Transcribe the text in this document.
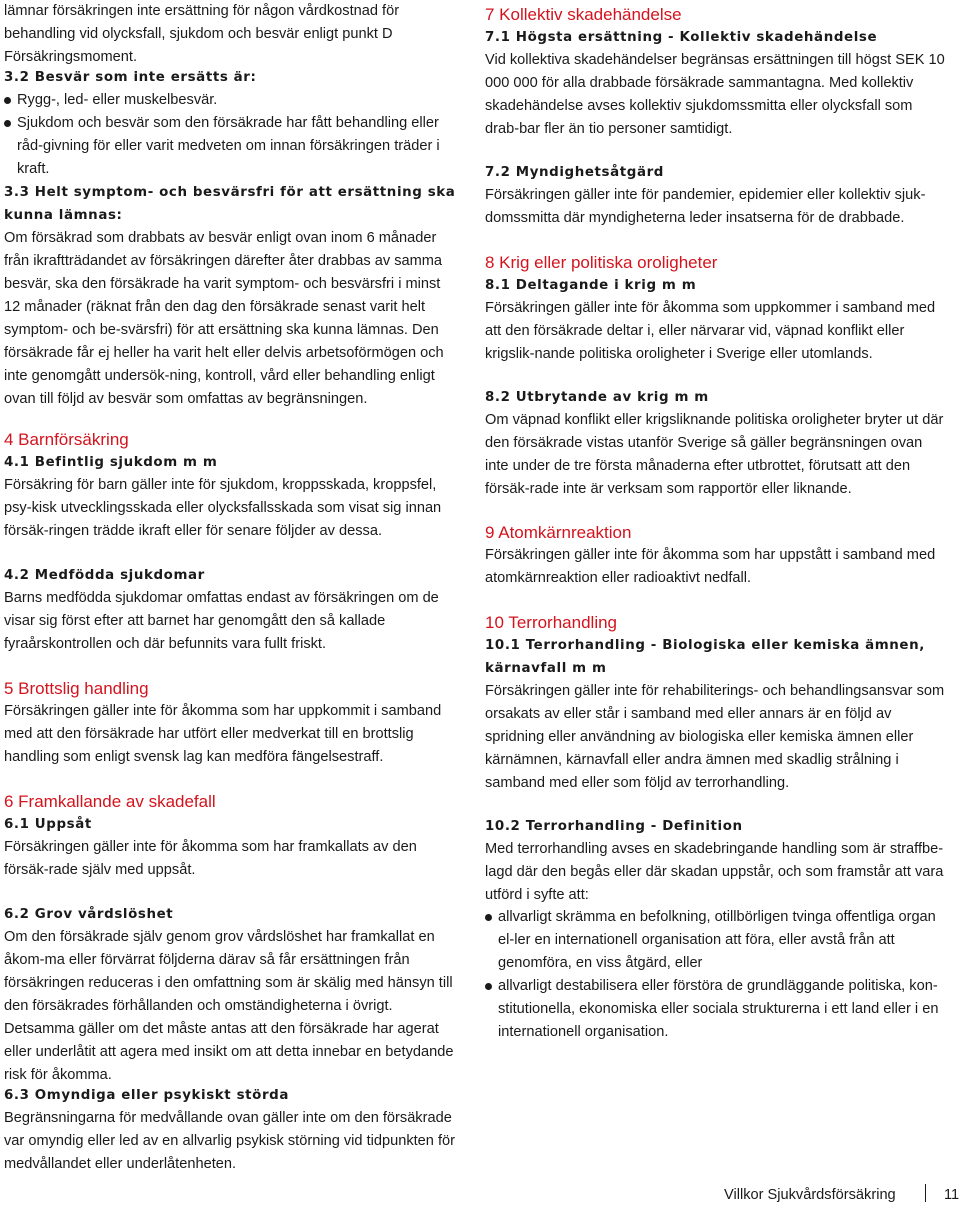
lämnar försäkringen inte ersättning för någon vårdkostnad för behandling vid olycksfall, sjukdom och besvär enligt punkt D Försäkringsmoment.

3.2 Besvär som inte ersätts är:
Rygg-, led- eller muskelbesvär.
Sjukdom och besvär som den försäkrade har fått behandling eller råd-givning för eller varit medveten om innan försäkringen träder i kraft.
3.3 Helt symptom- och besvärsfri för att ersättning ska kunna lämnas:

Om försäkrad som drabbats av besvär enligt ovan inom 6 månader från ikraftträdandet av försäkringen därefter åter drabbas av samma besvär, ska den försäkrade ha varit symptom- och besvärsfri i minst 12 månader (räknat från den dag den försäkrade senast varit helt symptom- och be-svärsfri) för att ersättning ska kunna lämnas. Den försäkrade får ej heller ha varit helt eller delvis arbetsoförmögen och inte genomgått undersök-ning, kontroll, vård eller behandling enligt ovan till följd av besvär som omfattas av begränsningen.

4 Barnförsäkring
4.1 Befintlig sjukdom m m

Försäkring för barn gäller inte för sjukdom, kroppsskada, kroppsfel, psy-kisk utvecklingsskada eller olycksfallsskada som visat sig innan försäk-ringen trädde ikraft eller för senare följder av dessa.

4.2 Medfödda sjukdomar

Barns medfödda sjukdomar omfattas endast av försäkringen om de visar sig först efter att barnet har genomgått den så kallade fyraårskontrollen och där befunnits vara fullt friskt.

5 Brottslig handling

Försäkringen gäller inte för åkomma som har uppkommit i samband med att den försäkrade har utfört eller medverkat till en brottslig handling som enligt svensk lag kan medföra fängelsestraff.

6 Framkallande av skadefall
6.1 Uppsåt

Försäkringen gäller inte för åkomma som har framkallats av den försäk-rade själv med uppsåt.

6.2 Grov vårdslöshet

Om den försäkrade själv genom grov vårdslöshet har framkallat en åkom-ma eller förvärrat följderna därav så får ersättningen från försäkringen reduceras i den omfattning som är skälig med hänsyn till den försäkrades förhållanden och omständigheterna i övrigt. Detsamma gäller om det måste antas att den försäkrade har agerat eller underlåtit att agera med insikt om att detta innebar en betydande risk för åkomma.

6.3 Omyndiga eller psykiskt störda

Begränsningarna för medvållande ovan gäller inte om den försäkrade var omyndig eller led av en allvarlig psykisk störning vid tidpunkten för medvållandet eller underlåtenheten.

7 Kollektiv skadehändelse
7.1 Högsta ersättning - Kollektiv skadehändelse

Vid kollektiva skadehändelser begränsas ersättningen till högst SEK 10 000 000 för alla drabbade försäkrade sammantagna. Med kollektiv skadehändelse avses kollektiv sjukdomssmitta eller olycksfall som drab-bar fler än tio personer samtidigt.

7.2 Myndighetsåtgärd

Försäkringen gäller inte för pandemier, epidemier eller kollektiv sjuk-domssmitta där myndigheterna leder insatserna för de drabbade.

8 Krig eller politiska oroligheter
8.1 Deltagande i krig m m

Försäkringen gäller inte för åkomma som uppkommer i samband med att den försäkrade deltar i, eller närvarar vid, väpnad konflikt eller krigslik-nande politiska oroligheter i Sverige eller utomlands.

8.2 Utbrytande av krig m m

Om väpnad konflikt eller krigsliknande politiska oroligheter bryter ut där den försäkrade vistas utanför Sverige så gäller begränsningen ovan inte under de tre första månaderna efter utbrottet, förutsatt att den försäk-rade inte är verksam som rapportör eller liknande.

9 Atomkärnreaktion

Försäkringen gäller inte för åkomma som har uppstått i samband med atomkärnreaktion eller radioaktivt nedfall.

10 Terrorhandling
10.1 Terrorhandling - Biologiska eller kemiska ämnen, kärnavfall m m

Försäkringen gäller inte för rehabiliterings- och behandlingsansvar som orsakats av eller står i samband med eller annars är en följd av spridning eller användning av biologiska eller kemiska ämnen eller kärnämnen, kärnavfall eller andra ämnen med skadlig strålning i samband med eller som följd av terrorhandling.

10.2 Terrorhandling - Definition

Med terrorhandling avses en skadebringande handling som är straffbe-lagd där den begås eller där skadan uppstår, och som framstår att vara utförd i syfte att:

allvarligt skrämma en befolkning, otillbörligen tvinga offentliga organ el-ler en internationell organisation att föra, eller avstå från att genomföra, en viss åtgärd, eller
allvarligt destabilisera eller förstöra de grundläggande politiska, kon-stitutionella, ekonomiska eller sociala strukturerna i ett land eller i en internationell organisation.
Villkor Sjukvårdsförsäkring	11
